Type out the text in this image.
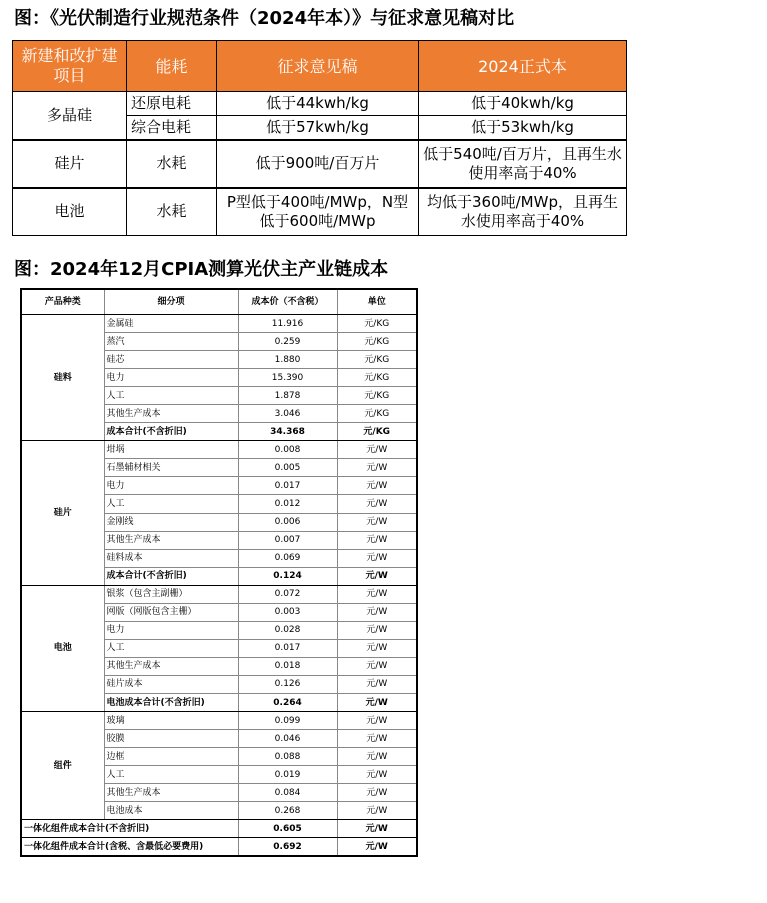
图：《光伏制造行业规范条件（2024年本）》与征求意见稿对比
新建和改扩建项目	能耗	征求意见稿	2024正式本
多晶硅	还原电耗	低于44kwh/kg	低于40kwh/kg
	综合电耗	低于57kwh/kg	低于53kwh/kg
硅片	水耗	低于900吨/百万片	低于540吨/百万片，且再生水使用率高于40%
电池	水耗	P型低于400吨/MWp，N型低于600吨/MWp	均低于360吨/MWp，且再生水使用率高于40%
图：2024年12月CPIA测算光伏主产业链成本
产品种类	细分项	成本价（不含税）	单位
硅料	金属硅	11.916	元/KG
	蒸汽	0.259	元/KG
	硅芯	1.880	元/KG
	电力	15.390	元/KG
	人工	1.878	元/KG
	其他生产成本	3.046	元/KG
	成本合计(不含折旧)	34.368	元/KG
硅片	坩埚	0.008	元/W
	石墨辅材相关	0.005	元/W
	电力	0.017	元/W
	人工	0.012	元/W
	金刚线	0.006	元/W
	其他生产成本	0.007	元/W
	硅料成本	0.069	元/W
	成本合计(不含折旧)	0.124	元/W
电池	银浆（包含主副栅）	0.072	元/W
	网版（网版包含主栅）	0.003	元/W
	电力	0.028	元/W
	人工	0.017	元/W
	其他生产成本	0.018	元/W
	硅片成本	0.126	元/W
	电池成本合计(不含折旧)	0.264	元/W
组件	玻璃	0.099	元/W
	胶膜	0.046	元/W
	边框	0.088	元/W
	人工	0.019	元/W
	其他生产成本	0.084	元/W
	电池成本	0.268	元/W
一体化组件成本合计(不含折旧)		0.605	元/W
一体化组件成本合计(含税、含最低必要费用)		0.692	元/W
